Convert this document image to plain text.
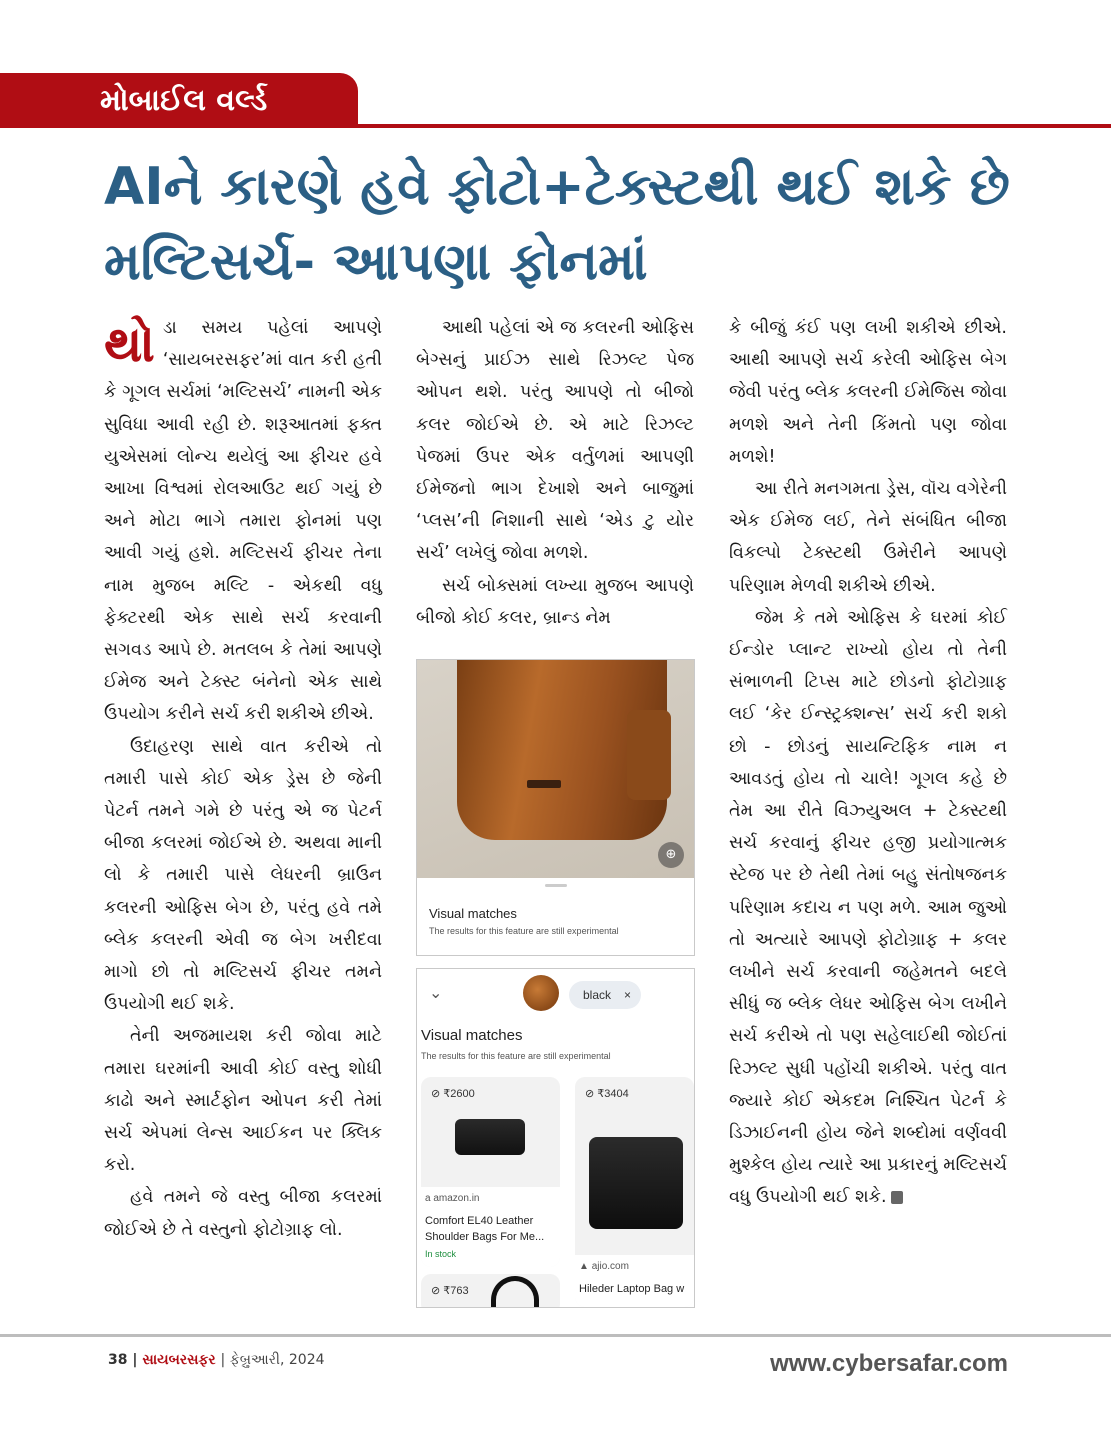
મોબાઈલ વર્લ્ડ
AIને કારણે હવે ફોટો+ટેક્સ્ટથી થઈ શકે છે મલ્ટિસર્ચ- આપણા ફોનમાં

થોડા સમય પહેલાં આપણે ‘સાયબરસફર’માં વાત કરી હતી કે ગૂગલ સર્ચમાં ‘મલ્ટિસર્ચ’ નામની એક સુવિધા આવી રહી છે. શરૂઆતમાં ફક્ત યુએસમાં લોન્ચ થયેલું આ ફીચર હવે આખા વિશ્વમાં રોલઆઉટ થઈ ગયું છે અને મોટા ભાગે તમારા ફોનમાં પણ આવી ગયું હશે. મલ્ટિસર્ચ ફીચર તેના નામ મુજબ મલ્ટિ - એકથી વધુ ફેક્ટરથી એક સાથે સર્ચ કરવાની સગવડ આપે છે. મતલબ કે તેમાં આપણે ઈમેજ અને ટેક્સ્ટ બંનેનો એક સાથે ઉપયોગ કરીને સર્ચ કરી શકીએ છીએ.

ઉદાહરણ સાથે વાત કરીએ તો તમારી પાસે કોઈ એક ડ્રેસ છે જેની પેટર્ન તમને ગમે છે પરંતુ એ જ પેટર્ન બીજા કલરમાં જોઈએ છે. અથવા માની લો કે તમારી પાસે લેધરની બ્રાઉન કલરની ઓફિસ બેગ છે, પરંતુ હવે તમે બ્લેક કલરની એવી જ બેગ ખરીદવા માગો છો તો મલ્ટિસર્ચ ફીચર તમને ઉપયોગી થઈ શકે.

તેની અજમાયશ કરી જોવા માટે તમારા ઘરમાંની આવી કોઈ વસ્તુ શોધી કાઢો અને સ્માર્ટફોન ઓપન કરી તેમાં સર્ચ એપમાં લેન્સ આઈકન પર ક્લિક કરો.

હવે તમને જે વસ્તુ બીજા કલરમાં જોઈએ છે તે વસ્તુનો ફોટોગ્રાફ લો.

આથી પહેલાં એ જ કલરની ઓફિસ બેગ્સનું પ્રાઈઝ સાથે રિઝલ્ટ પેજ ઓપન થશે. પરંતુ આપણે તો બીજો કલર જોઈએ છે. એ માટે રિઝલ્ટ પેજમાં ઉપર એક વર્તુળમાં આપણી ઈમેજનો ભાગ દેખાશે અને બાજુમાં ‘પ્લસ’ની નિશાની સાથે ‘એડ ટુ યોર સર્ચ’ લખેલું જોવા મળશે.

સર્ચ બોક્સમાં લખ્યા મુજબ આપણે બીજો કોઈ કલર, બ્રાન્ડ નેમ

કે બીજું કંઈ પણ લખી શકીએ છીએ. આથી આપણે સર્ચ કરેલી ઓફિસ બેગ જેવી પરંતુ બ્લેક કલરની ઈમેજિસ જોવા મળશે અને તેની કિંમતો પણ જોવા મળશે!

આ રીતે મનગમતા ડ્રેસ, વૉચ વગેરેની એક ઈમેજ લઈ, તેને સંબંધિત બીજા વિકલ્પો ટેક્સ્ટથી ઉમેરીને આપણે પરિણામ મેળવી શકીએ છીએ.

જેમ કે તમે ઓફિસ કે ઘરમાં કોઈ ઈન્ડોર પ્લાન્ટ રાખ્યો હોય તો તેની સંભાળની ટિપ્સ માટે છોડનો ફોટોગ્રાફ લઈ ‘કેર ઈન્સ્ટ્રક્શન્સ’ સર્ચ કરી શકો છો - છોડનું સાયન્ટિફિક નામ ન આવડતું હોય તો ચાલે! ગૂગલ કહે છે તેમ આ રીતે વિઝ્યુઅલ + ટેક્સ્ટથી સર્ચ કરવાનું ફીચર હજી પ્રયોગાત્મક સ્ટેજ પર છે તેથી તેમાં બહુ સંતોષજનક પરિણામ કદાચ ન પણ મળે. આમ જુઓ તો અત્યારે આપણે ફોટોગ્રાફ + કલર લખીને સર્ચ કરવાની જહેમતને બદલે સીધું જ બ્લેક લેધર ઓફિસ બેગ લખીને સર્ચ કરીએ તો પણ સહેલાઈથી જોઈતાં રિઝલ્ટ સુધી પહોંચી શકીએ. પરંતુ વાત જ્યારે કોઈ એકદમ નિશ્ચિત પેટર્ન કે ડિઝાઈનની હોય જેને શબ્દોમાં વર્ણવવી મુશ્કેલ હોય ત્યારે આ પ્રકારનું મલ્ટિસર્ચ વધુ ઉપયોગી થઈ શકે.

⊕
Visual matches
The results for this feature are still experimental
⌄	black ×
Visual matches
The results for this feature are still experimental
⊘ ₹2600
a amazon.in
Comfort EL40 Leather Shoulder Bags For Me...
In stock
⊘ ₹3404
▲ ajio.com
Hileder Laptop Bag w
⊘ ₹763
38 | સાયબરસફર | ફેબ્રુઆરી, 2024	www.cybersafar.com
